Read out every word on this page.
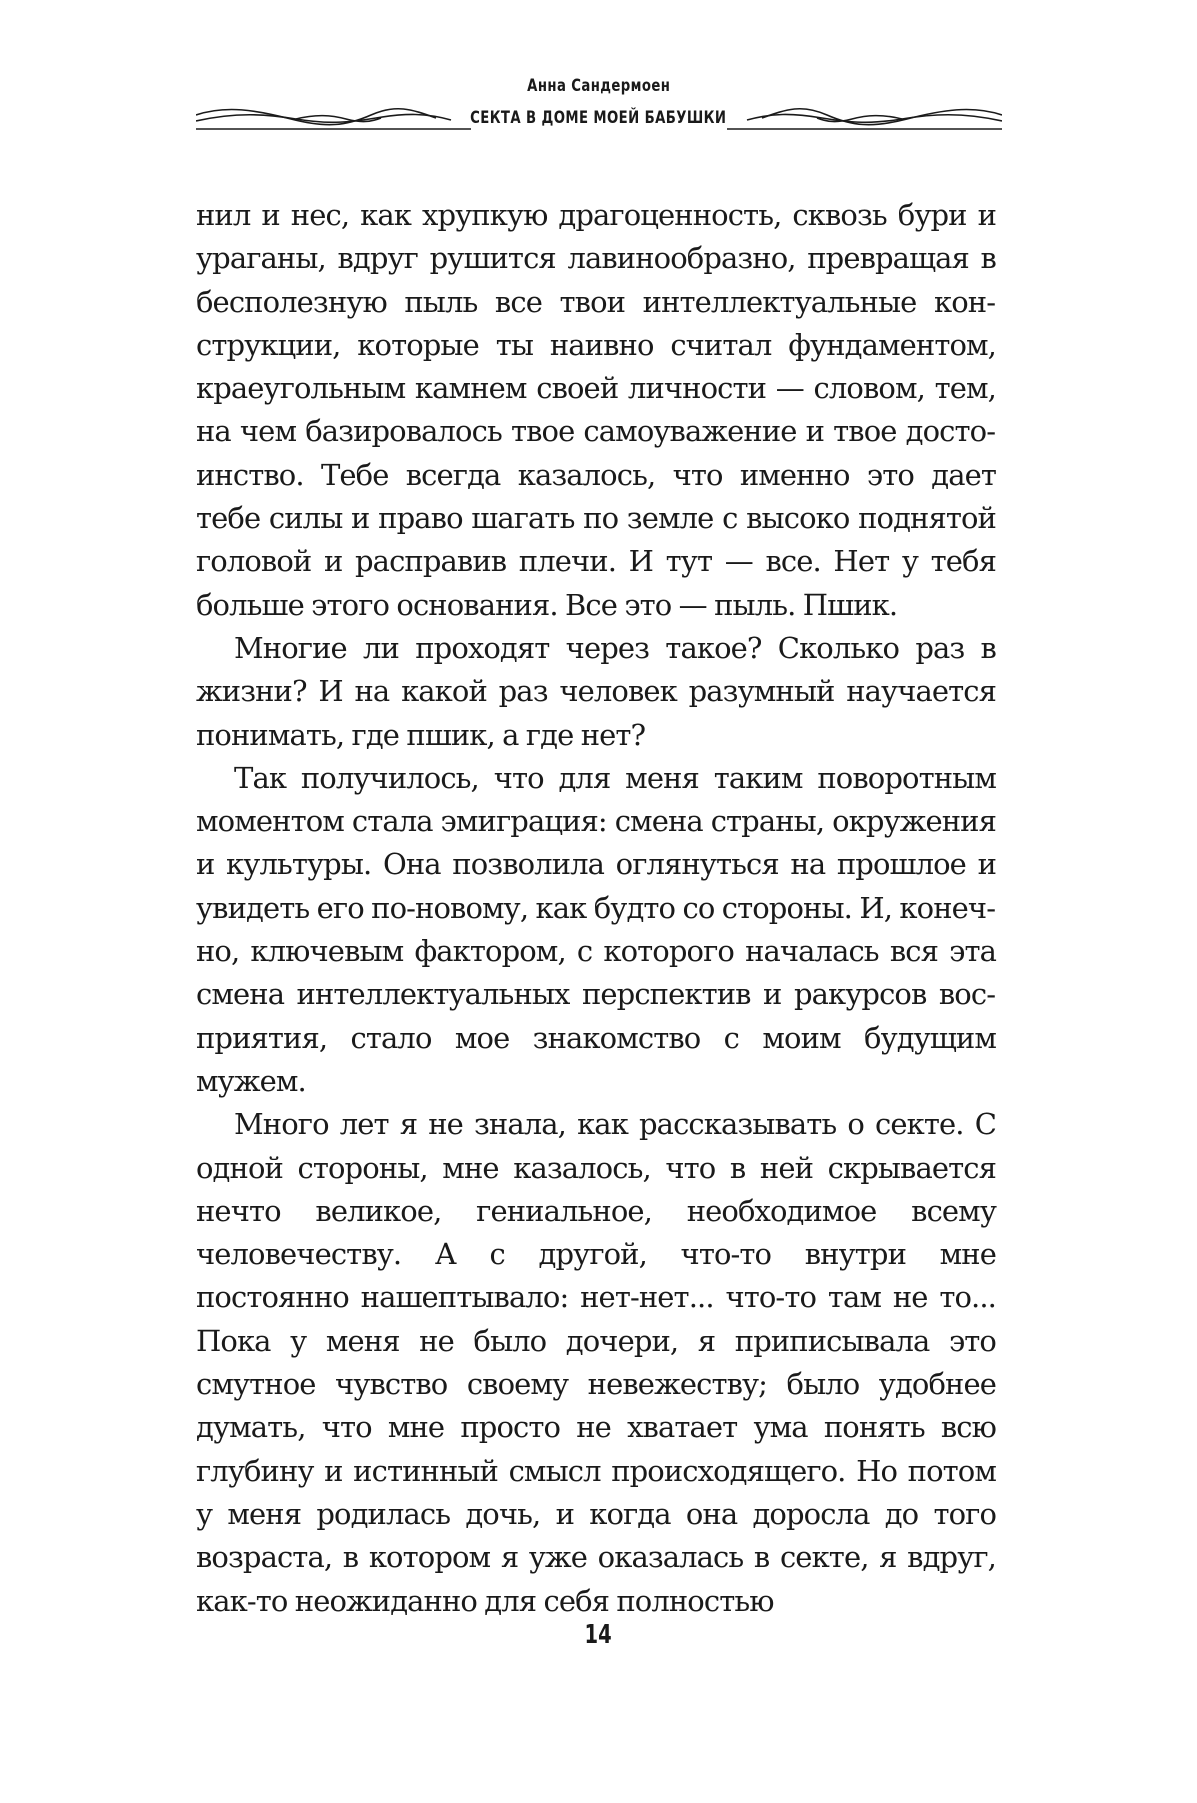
Анна Сандермоен
СЕКТА В ДОМЕ МОЕЙ БАБУШКИ

нил и нес, как хрупкую драгоценность, сквозь бури и ураганы, вдруг рушится лавинообразно, превращая в бесполезную пыль все твои интеллектуальные конструкции, которые ты наивно считал фундаментом, краеугольным камнем своей личности — словом, тем, на чем базировалось твое самоуважение и твое достоинство. Тебе всегда казалось, что именно это дает тебе силы и право шагать по земле с высоко поднятой головой и расправив плечи. И тут — все. Нет у тебя больше этого основания. Все это — пыль. Пшик.

Многие ли проходят через такое? Сколько раз в жизни? И на какой раз человек разумный научается понимать, где пшик, а где нет?

Так получилось, что для меня таким поворотным моментом стала эмиграция: смена страны, окружения и культуры. Она позволила оглянуться на прошлое и увидеть его по-новому, как будто со стороны. И, конечно, ключевым фактором, с которого началась вся эта смена интеллектуальных перспектив и ракурсов восприятия, стало мое знакомство с моим будущим мужем.

Много лет я не знала, как рассказывать о секте. С одной стороны, мне казалось, что в ней скрывается нечто великое, гениальное, необходимое всему человечеству. А с другой, что-то внутри мне постоянно нашептывало: нет-нет... что-то там не то... Пока у меня не было дочери, я приписывала это смутное чувство своему невежеству; было удобнее думать, что мне просто не хватает ума понять всю глубину и истинный смысл происходящего. Но потом у меня родилась дочь, и когда она доросла до того возраста, в котором я уже оказалась в секте, я вдруг, как-то неожиданно для себя полностью

14
